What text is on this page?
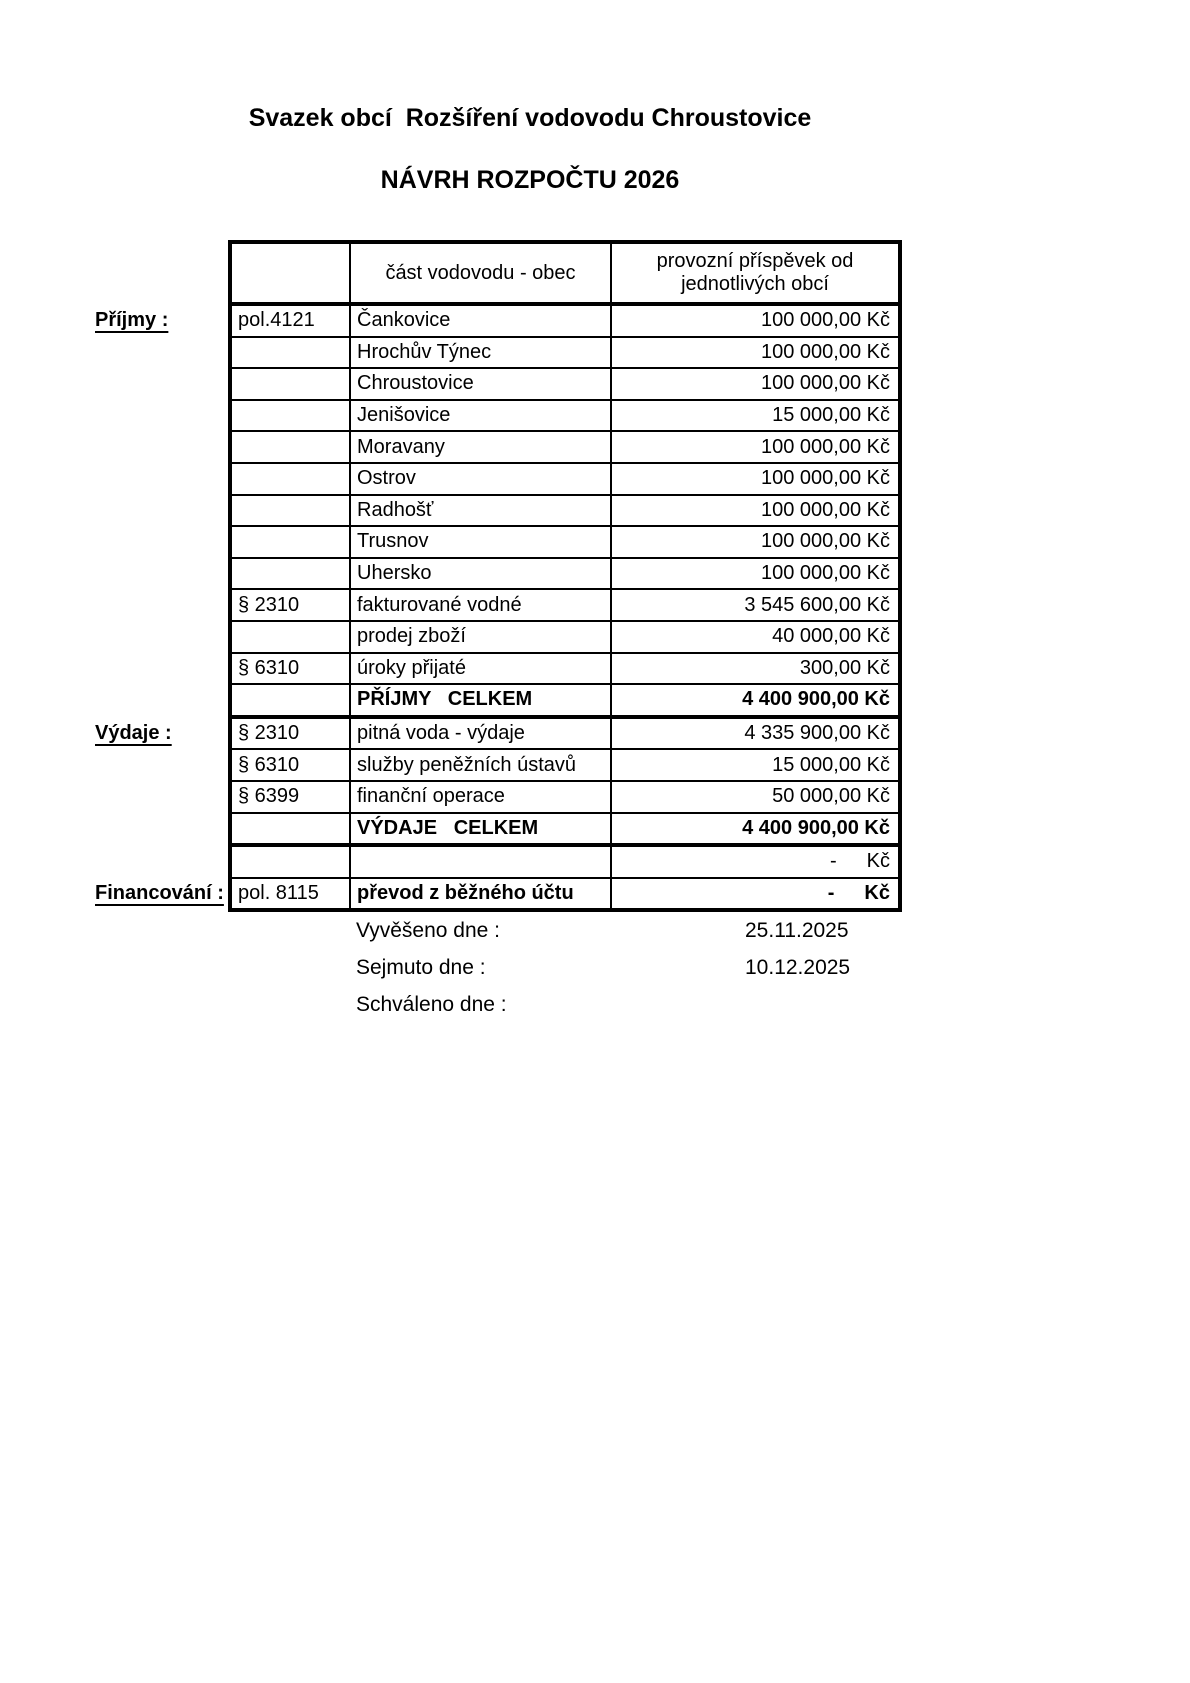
Svazek obcí  Rozšíření vodovodu Chroustovice
NÁVRH ROZPOČTU 2026
		část vodovodu - obec	provozní příspěvek od jednotlivých obcí
Příjmy :	pol.4121	Čankovice	100 000,00 Kč
		Hrochův Týnec	100 000,00 Kč
		Chroustovice	100 000,00 Kč
		Jenišovice	15 000,00 Kč
		Moravany	100 000,00 Kč
		Ostrov	100 000,00 Kč
		Radhošť	100 000,00 Kč
		Trusnov	100 000,00 Kč
		Uhersko	100 000,00 Kč
	§ 2310	fakturované vodné	3 545 600,00 Kč
		prodej zboží	40 000,00 Kč
	§ 6310	úroky přijaté	300,00 Kč
		PŘÍJMY   CELKEM	4 400 900,00 Kč
Výdaje :	§ 2310	pitná voda - výdaje	4 335 900,00 Kč
	§ 6310	služby peněžních ústavů	15 000,00 Kč
	§ 6399	finanční operace	50 000,00 Kč
		VÝDAJE   CELKEM	4 400 900,00 Kč
			- Kč
Financování :	pol. 8115	převod z běžného účtu	- Kč
Vyvěšeno dne :	25.11.2025
Sejmuto dne :	10.12.2025
Schváleno dne :
